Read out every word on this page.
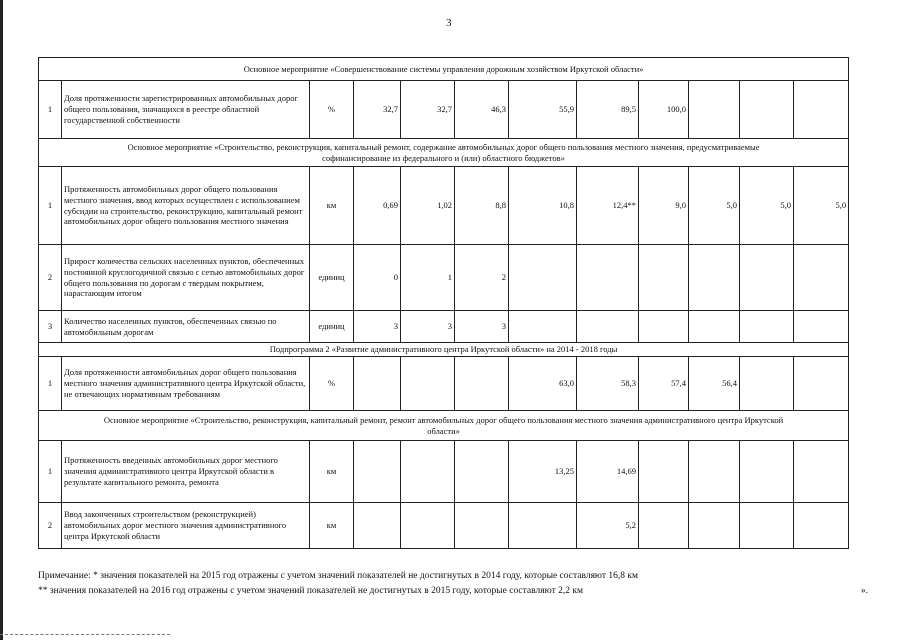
3
Основное мероприятие «Совершенствование системы управления дорожным хозяйством Иркутской области»											

1	Доля протяженности зарегистрированных автомобильных дорог общего пользования, значащихся в реестре областной государственной собственности	%	32,7	32,7	46,3	55,9	89,5	100,0			

Основное мероприятие «Строительство, реконструкция, капитальный ремонт, содержание автомобильных дорог общего пользования местного значения, предусматриваемые
софинансирование из федерального и (или) областного бюджетов»											

1	Протяженность автомобильных дорог общего пользования местного значения, ввод которых осуществлен с использованием субсидии на строительство, реконструкцию, капитальный ремонт автомобильных дорог общего пользования местного значения	км	0,69	1,02	8,8	10,8	12,4**	9,0	5,0	5,0	5,0
2	Прирост количества сельских населенных пунктов, обеспеченных постоянной круглогодичной связью с сетью автомобильных дорог общего пользования по дорогам с твердым покрытием, нарастающим итогом	единиц	0	1	2						
3	Количество населенных пунктов, обеспеченных связью по автомобильным дорогам	единиц	3	3	3						

Подпрограмма 2 «Развитие административного центра Иркутской области» на 2014 - 2018 годы											

1	Доля протяженности автомобильных дорог общего пользования местного значения административного центра Иркутской области, не отвечающих нормативным требованиям	%				63,0	58,3	57,4	56,4		

Основное мероприятие «Строительство, реконструкция, капитальный ремонт, ремонт автомобильных дорог общего пользования местного значения административного центра Иркутской
области»											

1	Протяженность введенных автомобильных дорог местного значения административного центра Иркутской области в результате капитального ремонта, ремонта	км				13,25	14,69				
2	Ввод законченных строительством (реконструкцией) автомобильных дорог местного значения административного центра Иркутской области	км					5,2				
Примечание: * значения показателей на 2015 год отражены с учетом значений показателей не достигнутых в 2014 году, которые составляют 16,8 км
** значения показателей на 2016 год отражены с учетом значений показателей не достигнутых в 2015 году, которые составляют 2,2 км	».
